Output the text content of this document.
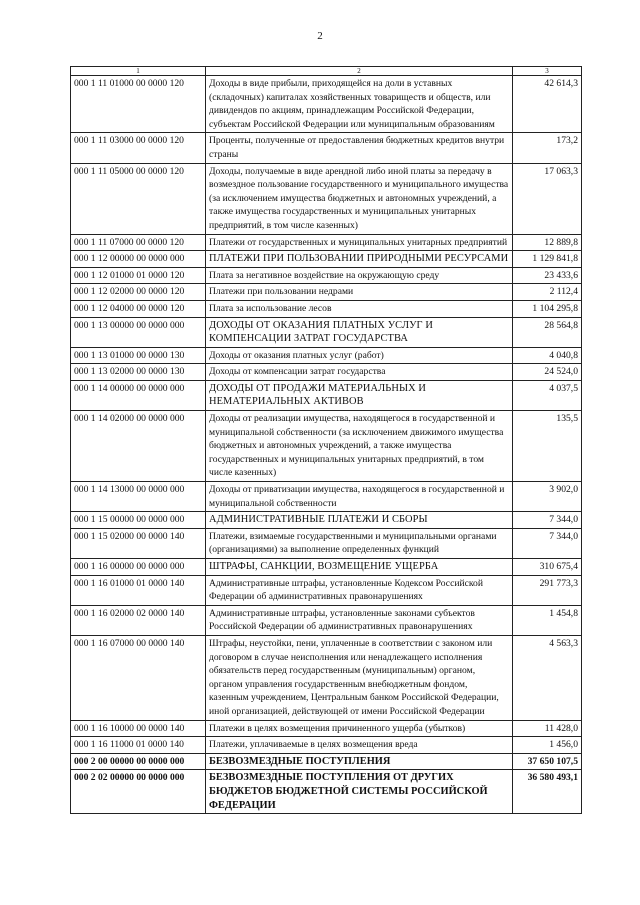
2
1	2	3
000 1 11 01000 00 0000 120	Доходы в виде прибыли, приходящейся на доли в уставных (складочных) капиталах хозяйственных товариществ и обществ, или дивидендов по акциям, принадлежащим Российской Федерации, субъектам Российской Федерации или муниципальным образованиям	42 614,3
000 1 11 03000 00 0000 120	Проценты, полученные от предоставления бюджетных кредитов внутри страны	173,2
000 1 11 05000 00 0000 120	Доходы, получаемые в виде арендной либо иной платы за передачу в возмездное пользование государственного и муниципального имущества (за исключением имущества бюджетных и автономных учреждений, а также имущества государственных и муниципальных унитарных предприятий, в том числе казенных)	17 063,3
000 1 11 07000 00 0000 120	Платежи от государственных и муниципальных унитарных предприятий	12 889,8
000 1 12 00000 00 0000 000	ПЛАТЕЖИ ПРИ ПОЛЬЗОВАНИИ ПРИРОДНЫМИ РЕСУРСАМИ	1 129 841,8
000 1 12 01000 01 0000 120	Плата за негативное воздействие на окружающую среду	23 433,6
000 1 12 02000 00 0000 120	Платежи при пользовании недрами	2 112,4
000 1 12 04000 00 0000 120	Плата за использование лесов	1 104 295,8
000 1 13 00000 00 0000 000	ДОХОДЫ ОТ ОКАЗАНИЯ ПЛАТНЫХ УСЛУГ И КОМПЕНСАЦИИ ЗАТРАТ ГОСУДАРСТВА	28 564,8
000 1 13 01000 00 0000 130	Доходы от оказания платных услуг (работ)	4 040,8
000 1 13 02000 00 0000 130	Доходы от компенсации затрат государства	24 524,0
000 1 14 00000 00 0000 000	ДОХОДЫ ОТ ПРОДАЖИ МАТЕРИАЛЬНЫХ И НЕМАТЕРИАЛЬНЫХ АКТИВОВ	4 037,5
000 1 14 02000 00 0000 000	Доходы от реализации имущества, находящегося в государственной и муниципальной собственности (за исключением движимого имущества бюджетных и автономных учреждений, а также имущества государственных и муниципальных унитарных предприятий, в том числе казенных)	135,5
000 1 14 13000 00 0000 000	Доходы от приватизации имущества, находящегося в государственной и муниципальной собственности	3 902,0
000 1 15 00000 00 0000 000	АДМИНИСТРАТИВНЫЕ ПЛАТЕЖИ И СБОРЫ	7 344,0
000 1 15 02000 00 0000 140	Платежи, взимаемые государственными и муниципальными органами (организациями) за выполнение определенных функций	7 344,0
000 1 16 00000 00 0000 000	ШТРАФЫ, САНКЦИИ, ВОЗМЕЩЕНИЕ УЩЕРБА	310 675,4
000 1 16 01000 01 0000 140	Административные штрафы, установленные Кодексом Российской Федерации об административных правонарушениях	291 773,3
000 1 16 02000 02 0000 140	Административные штрафы, установленные законами субъектов Российской Федерации об административных правонарушениях	1 454,8
000 1 16 07000 00 0000 140	Штрафы, неустойки, пени, уплаченные в соответствии с законом или договором в случае неисполнения или ненадлежащего исполнения обязательств перед государственным (муниципальным) органом, органом управления государственным внебюджетным фондом, казенным учреждением, Центральным банком Российской Федерации, иной организацией, действующей от имени Российской Федерации	4 563,3
000 1 16 10000 00 0000 140	Платежи в целях возмещения причиненного ущерба (убытков)	11 428,0
000 1 16 11000 01 0000 140	Платежи, уплачиваемые в целях возмещения вреда	1 456,0
000 2 00 00000 00 0000 000	БЕЗВОЗМЕЗДНЫЕ ПОСТУПЛЕНИЯ	37 650 107,5
000 2 02 00000 00 0000 000	БЕЗВОЗМЕЗДНЫЕ ПОСТУПЛЕНИЯ ОТ ДРУГИХ БЮДЖЕТОВ БЮДЖЕТНОЙ СИСТЕМЫ РОССИЙСКОЙ ФЕДЕРАЦИИ	36 580 493,1
